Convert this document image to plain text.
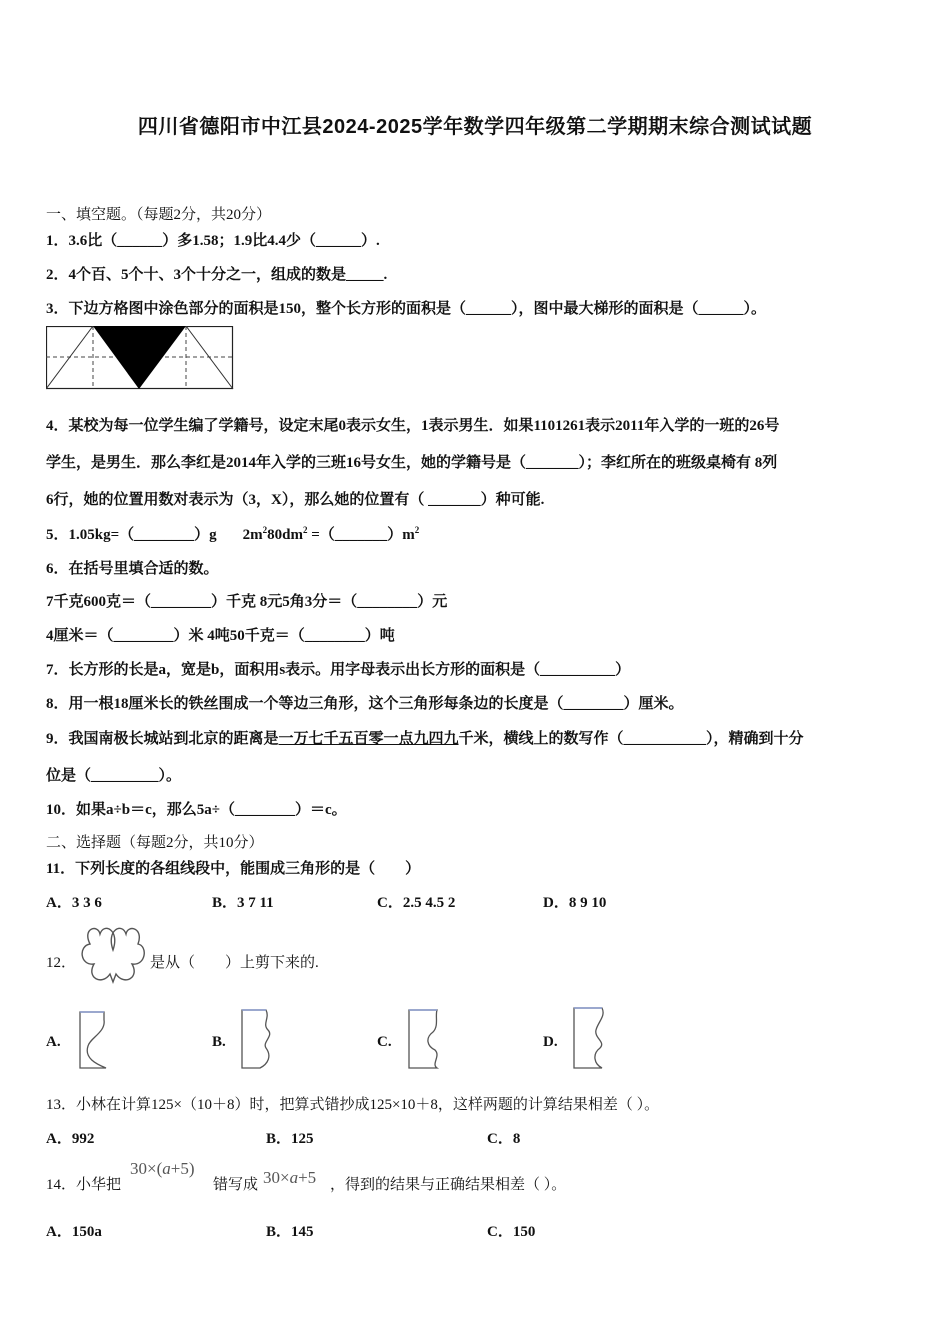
四川省德阳市中江县2024-2025学年数学四年级第二学期期末综合测试试题
一、填空题。（每题2分，共20分）
1．3.6比（______）多1.58；1.9比4.4少（______）.
2．4个百、5个十、3个十分之一，组成的数是_____.
3．下边方格图中涂色部分的面积是150，整个长方形的面积是（______），图中最大梯形的面积是（______）。
4．某校为每一位学生编了学籍号，设定末尾0表示女生，1表示男生．如果1101261表示2011年入学的一班的26号
学生，是男生．那么李红是2014年入学的三班16号女生，她的学籍号是（_______）；李红所在的班级桌椅有 8列
6行，她的位置用数对表示为（3，X），那么她的位置有（ _______）种可能.
5．1.05kg=（________）g $2m^280dm^2$ $=(\_\_\_\_\_\_\_)m^2$
6．在括号里填合适的数。
7千克600克＝（________）千克 8元5角3分＝（________）元
4厘米＝（________）米 4吨50千克＝（________）吨
7．长方形的长是a，宽是b，面积用s表示。用字母表示出长方形的面积是（__________）
8．用一根18厘米长的铁丝围成一个等边三角形，这个三角形每条边的长度是（________）厘米。
9．我国南极长城站到北京的距离是一万七千五百零一点九四九千米，横线上的数写作（___________），精确到十分
位是（_________）。
10．如果a÷b＝c，那么5a÷（________）＝c。
二、选择题（每题2分，共10分）
11．下列长度的各组线段中，能围成三角形的是（　　）
A．3 3 6	B．3 7 11	C．2.5 4.5 2	D．8 9 10
12．	是从（　　）上剪下来的.
A.	B.	C.	D.
13．小林在计算125×（10＋8）时，把算式错抄成125×10＋8，这样两题的计算结果相差（ ）。
A．992	B．125	C．8
14．小华把
30×(a+5)
错写成 30×a+5 ，得到的结果与正确结果相差（ ）。
A．150a	B．145	C．150
